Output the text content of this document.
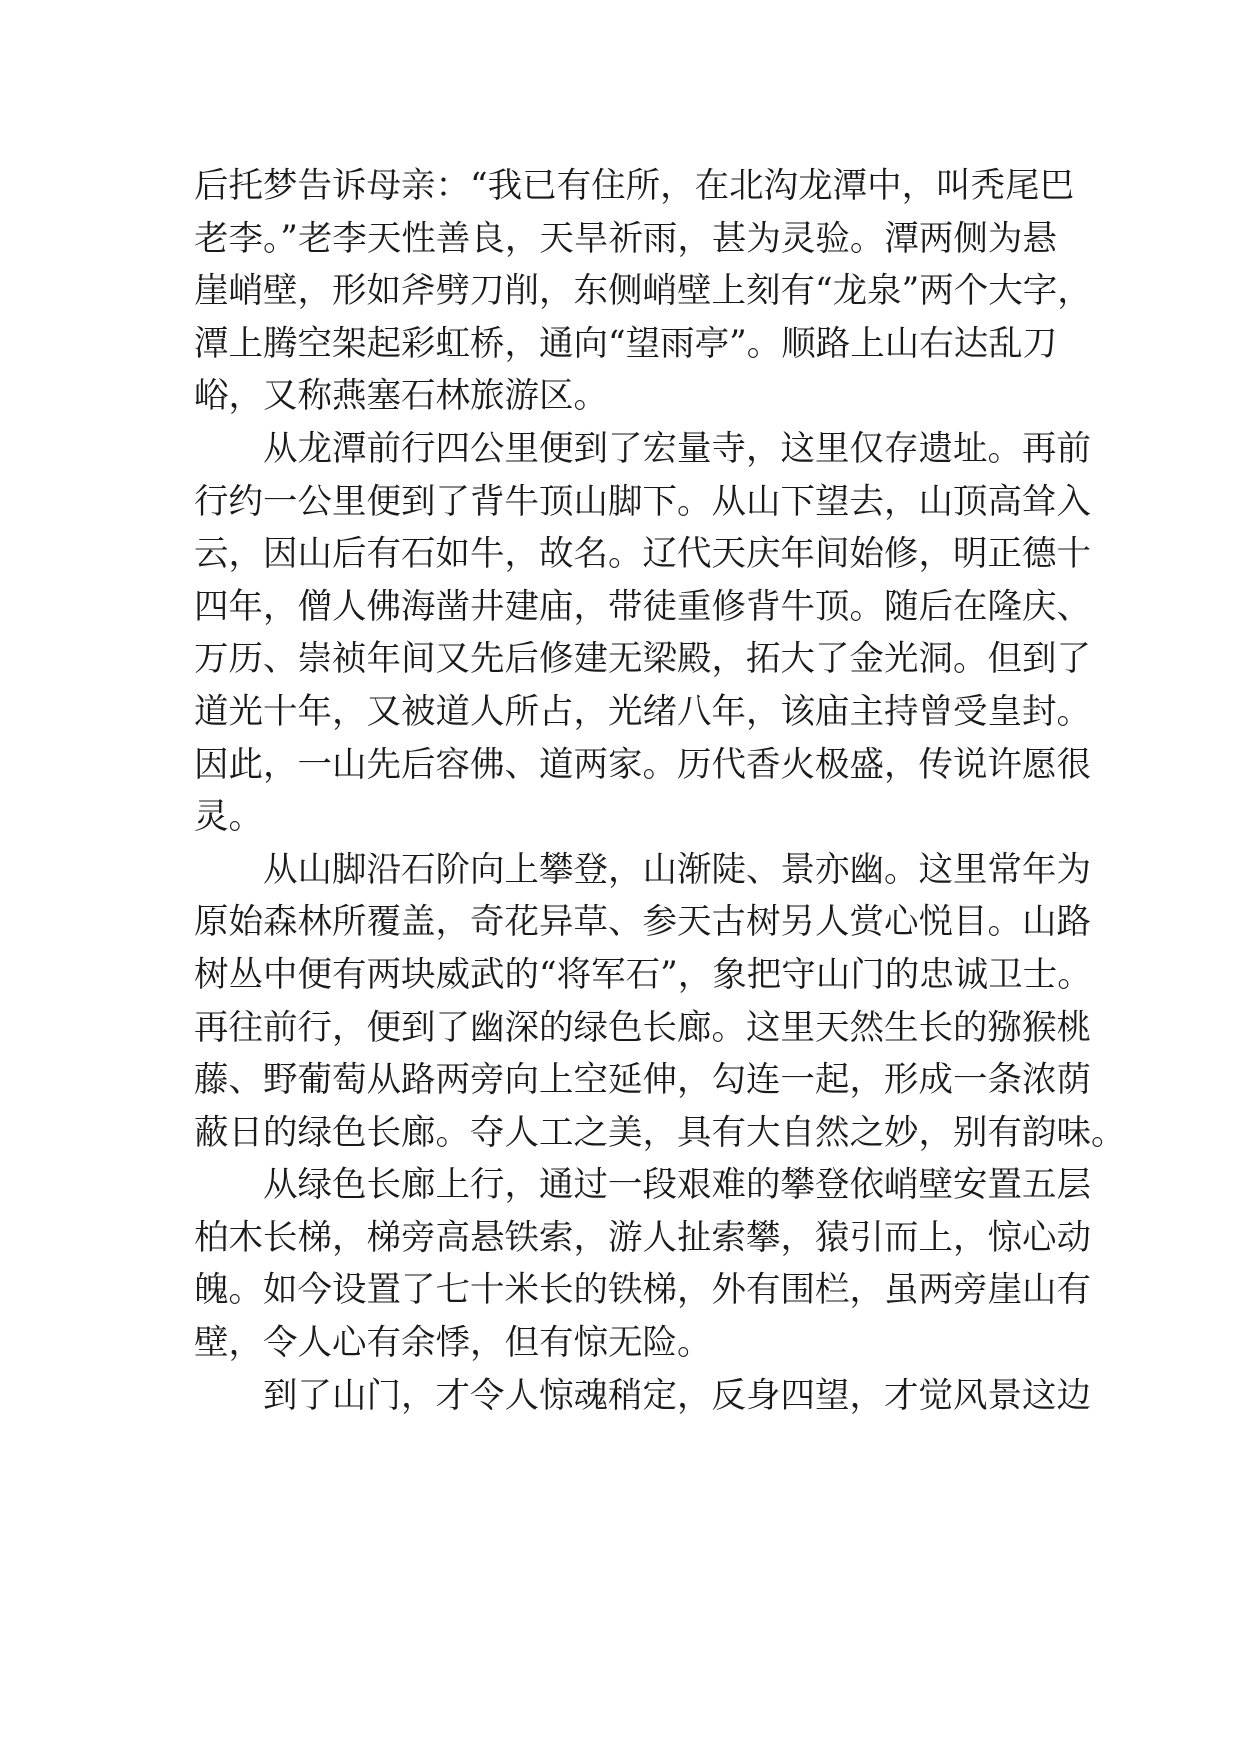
后托梦告诉母亲：“我已有住所，在北沟龙潭中，叫秃尾巴
老李。”老李天性善良，天旱祈雨，甚为灵验。潭两侧为悬
崖峭壁，形如斧劈刀削，东侧峭壁上刻有“龙泉”两个大字，
潭上腾空架起彩虹桥，通向“望雨亭”。顺路上山右达乱刀
峪，又称燕塞石林旅游区。
从龙潭前行四公里便到了宏量寺，这里仅存遗址。再前
行约一公里便到了背牛顶山脚下。从山下望去，山顶高耸入
云，因山后有石如牛，故名。辽代天庆年间始修，明正德十
四年，僧人佛海凿井建庙，带徒重修背牛顶。随后在隆庆、
万历、崇祯年间又先后修建无梁殿，拓大了金光洞。但到了
道光十年，又被道人所占，光绪八年，该庙主持曾受皇封。
因此，一山先后容佛、道两家。历代香火极盛，传说许愿很
灵。
从山脚沿石阶向上攀登，山渐陡、景亦幽。这里常年为
原始森林所覆盖，奇花异草、参天古树另人赏心悦目。山路
树丛中便有两块威武的“将军石”，象把守山门的忠诚卫士。
再往前行，便到了幽深的绿色长廊。这里天然生长的猕猴桃
藤、野葡萄从路两旁向上空延伸，勾连一起，形成一条浓荫
蔽日的绿色长廊。夺人工之美，具有大自然之妙，别有韵味。
从绿色长廊上行，通过一段艰难的攀登依峭壁安置五层
柏木长梯，梯旁高悬铁索，游人扯索攀，猿引而上，惊心动
魄。如今设置了七十米长的铁梯，外有围栏，虽两旁崖山有
壁，令人心有余悸，但有惊无险。
到了山门，才令人惊魂稍定，反身四望，才觉风景这边
